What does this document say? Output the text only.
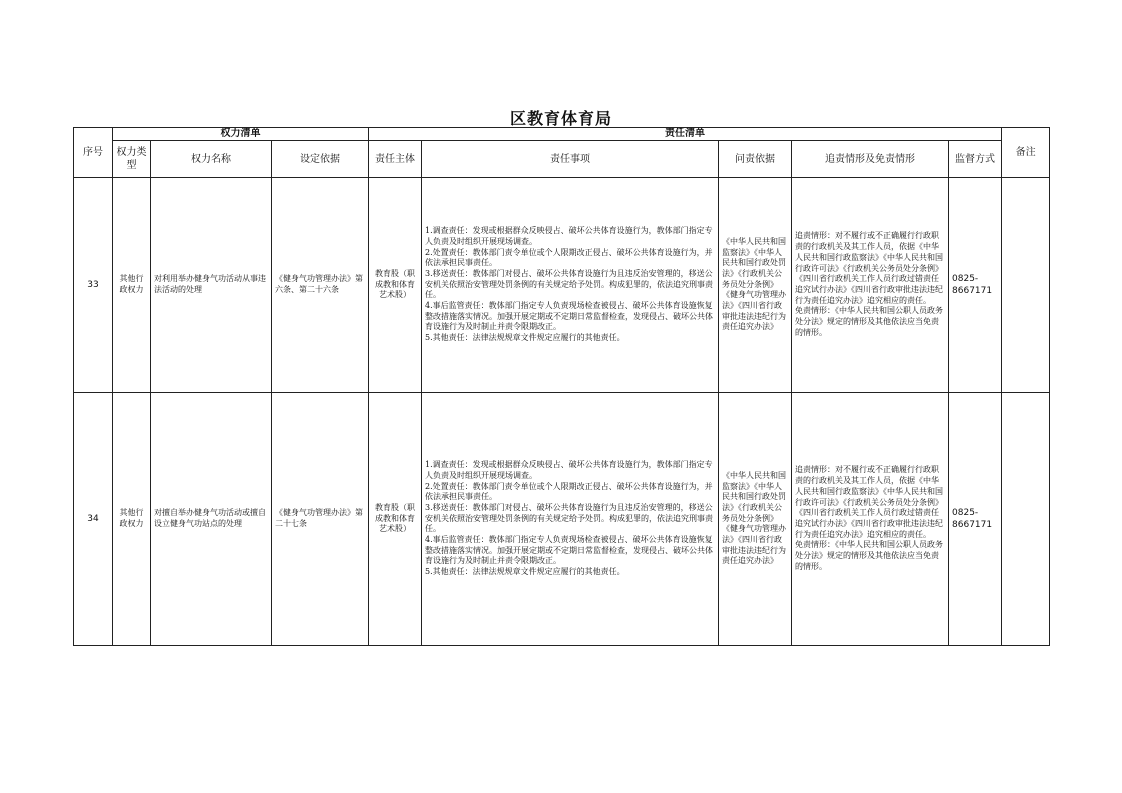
区教育体育局
序号	权力清单			责任清单					备注
	权力类型	权力名称	设定依据	责任主体	责任事项	问责依据	追责情形及免责情形	监督方式	
33	其他行政权力	对利用举办健身气功活动从事违法活动的处理	《健身气功管理办法》第六条、第二十六条	教育股（职成教和体育艺术股）	1.调查责任：发现或根据群众反映侵占、破坏公共体育设施行为，教体部门指定专人负责及时组织开展现场调查。
2.处置责任：教体部门责令单位或个人限期改正侵占、破坏公共体育设施行为，并依法承担民事责任。
3.移送责任：教体部门对侵占、破坏公共体育设施行为且违反治安管理的，移送公安机关依照治安管理处罚条例的有关规定给予处罚。构成犯罪的，依法追究刑事责任。
4.事后监管责任：教体部门指定专人负责现场检查被侵占、破坏公共体育设施恢复整改措施落实情况。加强开展定期或不定期日常监督检查，发现侵占、破坏公共体育设施行为及时制止并责令限期改正。
5.其他责任：法律法规规章文件规定应履行的其他责任。	《中华人民共和国监察法》《中华人民共和国行政处罚法》《行政机关公务员处分条例》《健身气功管理办法》《四川省行政审批违法违纪行为责任追究办法》	追责情形：对不履行或不正确履行行政职责的行政机关及其工作人员，依据《中华人民共和国行政监察法》《中华人民共和国行政许可法》《行政机关公务员处分条例》《四川省行政机关工作人员行政过错责任追究试行办法》《四川省行政审批违法违纪行为责任追究办法》追究相应的责任。
免责情形：《中华人民共和国公职人员政务处分法》规定的情形及其他依法应当免责的情形。	0825-8667171	
34	其他行政权力	对擅自举办健身气功活动或擅自设立健身气功站点的处理	《健身气功管理办法》第二十七条	教育股（职成教和体育艺术股）	1.调查责任：发现或根据群众反映侵占、破坏公共体育设施行为，教体部门指定专人负责及时组织开展现场调查。
2.处置责任：教体部门责令单位或个人限期改正侵占、破坏公共体育设施行为，并依法承担民事责任。
3.移送责任：教体部门对侵占、破坏公共体育设施行为且违反治安管理的，移送公安机关依照治安管理处罚条例的有关规定给予处罚。构成犯罪的，依法追究刑事责任。
4.事后监管责任：教体部门指定专人负责现场检查被侵占、破坏公共体育设施恢复整改措施落实情况。加强开展定期或不定期日常监督检查，发现侵占、破坏公共体育设施行为及时制止并责令限期改正。
5.其他责任：法律法规规章文件规定应履行的其他责任。	《中华人民共和国监察法》《中华人民共和国行政处罚法》《行政机关公务员处分条例》《健身气功管理办法》《四川省行政审批违法违纪行为责任追究办法》	追责情形：对不履行或不正确履行行政职责的行政机关及其工作人员，依据《中华人民共和国行政监察法》《中华人民共和国行政许可法》《行政机关公务员处分条例》《四川省行政机关工作人员行政过错责任追究试行办法》《四川省行政审批违法违纪行为责任追究办法》追究相应的责任。
免责情形：《中华人民共和国公职人员政务处分法》规定的情形及其他依法应当免责的情形。	0825-8667171	
